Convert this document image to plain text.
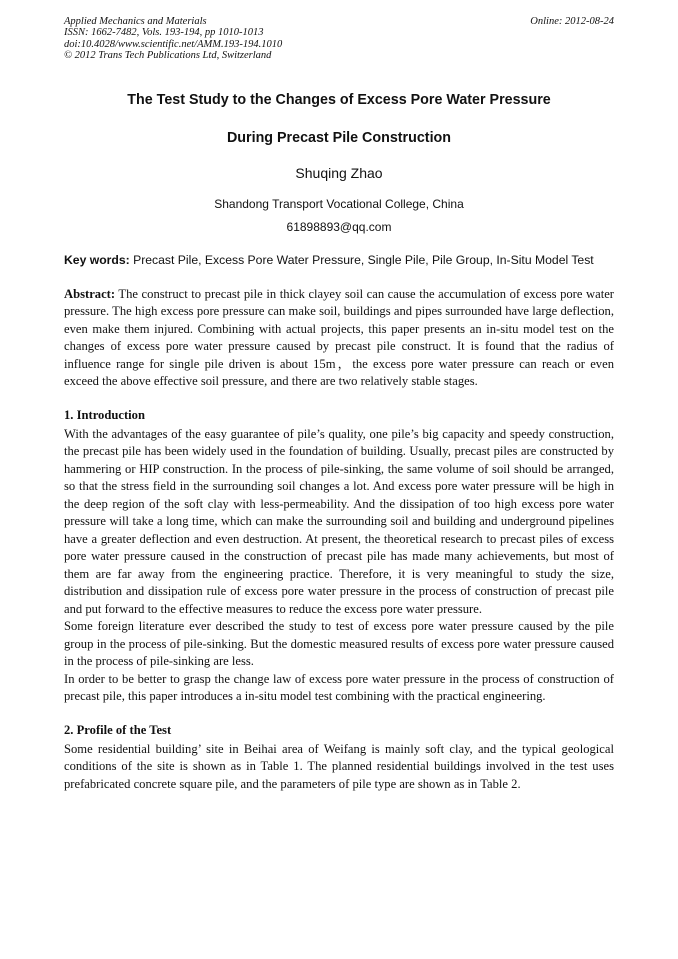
Applied Mechanics and Materials
ISSN: 1662-7482, Vols. 193-194, pp 1010-1013
doi:10.4028/www.scientific.net/AMM.193-194.1010
© 2012 Trans Tech Publications Ltd, Switzerland
Online: 2012-08-24
The Test Study to the Changes of Excess Pore Water Pressure
During Precast Pile Construction
Shuqing Zhao
Shandong Transport Vocational College, China
61898893@qq.com
Key words: Precast Pile, Excess Pore Water Pressure, Single Pile, Pile Group, In-Situ Model Test

Abstract: The construct to precast pile in thick clayey soil can cause the accumulation of excess pore water pressure. The high excess pore pressure can make soil, buildings and pipes surrounded have large deflection, even make them injured. Combining with actual projects, this paper presents an in-situ model test on the changes of excess pore water pressure caused by precast pile construct. It is found that the radius of influence range for single pile driven is about 15m，the excess pore water pressure can reach or even exceed the above effective soil pressure, and there are two relatively stable stages.

1. Introduction

With the advantages of the easy guarantee of pile’s quality, one pile’s big capacity and speedy construction, the precast pile has been widely used in the foundation of building. Usually, precast piles are constructed by hammering or HIP construction. In the process of pile-sinking, the same volume of soil should be arranged, so that the stress field in the surrounding soil changes a lot. And excess pore water pressure will be high in the deep region of the soft clay with less-permeability. And the dissipation of too high excess pore water pressure will take a long time, which can make the surrounding soil and building and underground pipelines have a greater deflection and even destruction. At present, the theoretical research to precast piles of excess pore water pressure caused in the construction of precast pile has made many achievements, but most of them are far away from the engineering practice. Therefore, it is very meaningful to study the size, distribution and dissipation rule of excess pore water pressure in the process of construction of precast pile and put forward to the effective measures to reduce the excess pore water pressure.

Some foreign literature ever described the study to test of excess pore water pressure caused by the pile group in the process of pile-sinking. But the domestic measured results of excess pore water pressure caused in the process of pile-sinking are less.

In order to be better to grasp the change law of excess pore water pressure in the process of construction of precast pile, this paper introduces a in-situ model test combining with the practical engineering.

2. Profile of the Test

Some residential building’ site in Beihai area of Weifang is mainly soft clay, and the typical geological conditions of the site is shown as in Table 1. The planned residential buildings involved in the test uses prefabricated concrete square pile, and the parameters of pile type are shown as in Table 2.
